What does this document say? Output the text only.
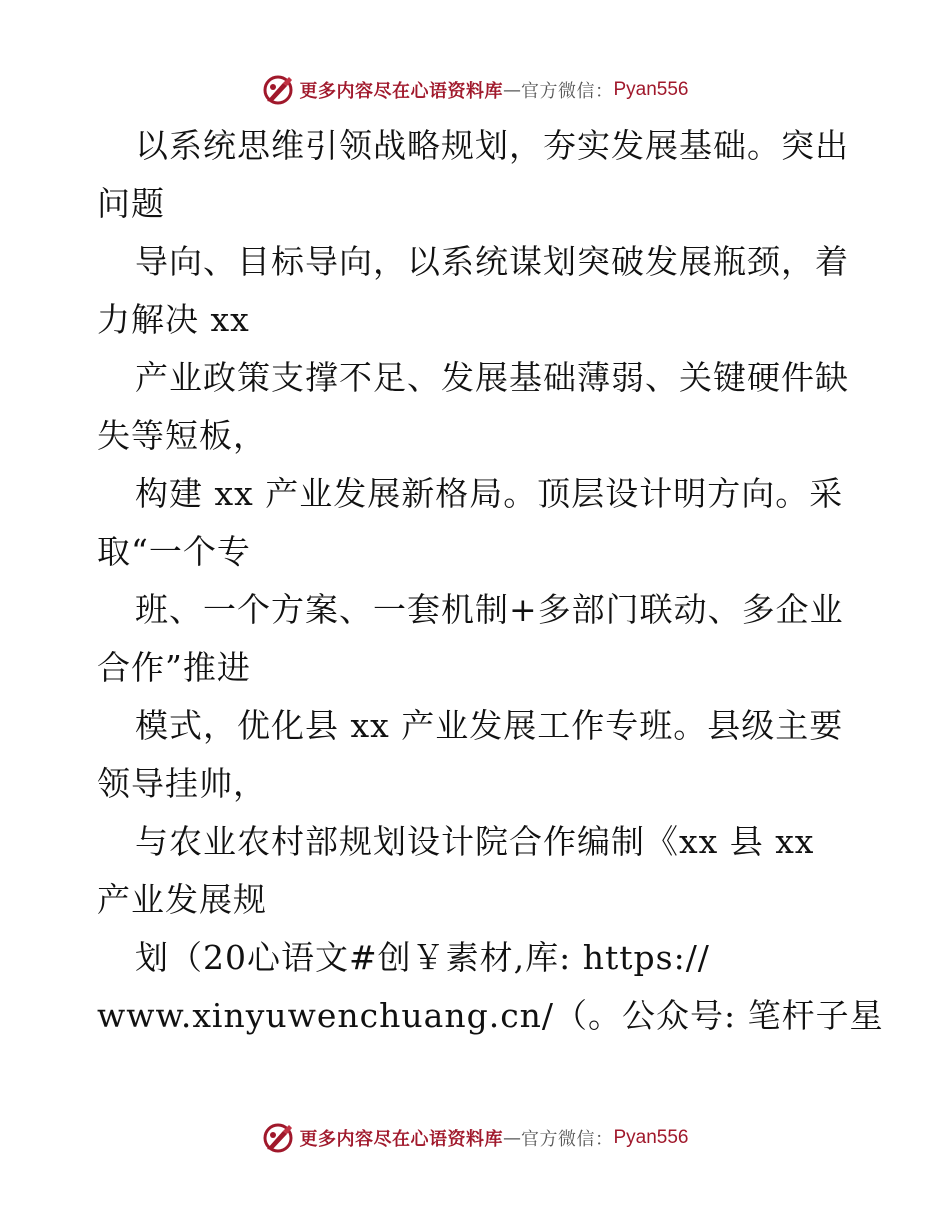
更多内容尽在心语资料库 — 官方微信： Pyan556
以系统思维引领战略规划，夯实发展基础。突出
问题
导向、目标导向，以系统谋划突破发展瓶颈，着
力解决 xx
产业政策支撑不足、发展基础薄弱、关键硬件缺
失等短板，
构建 xx 产业发展新格局。顶层设计明方向。采
取“一个专
班、一个方案、一套机制+多部门联动、多企业
合作”推进
模式，优化县 xx 产业发展工作专班。县级主要
领导挂帅，
与农业农村部规划设计院合作编制《xx 县 xx
产业发展规
划（20心语文#创￥素材,库: https://
www.xinyuwenchuang.cn/（。公众号: 笔杆子星
更多内容尽在心语资料库 — 官方微信： Pyan556
